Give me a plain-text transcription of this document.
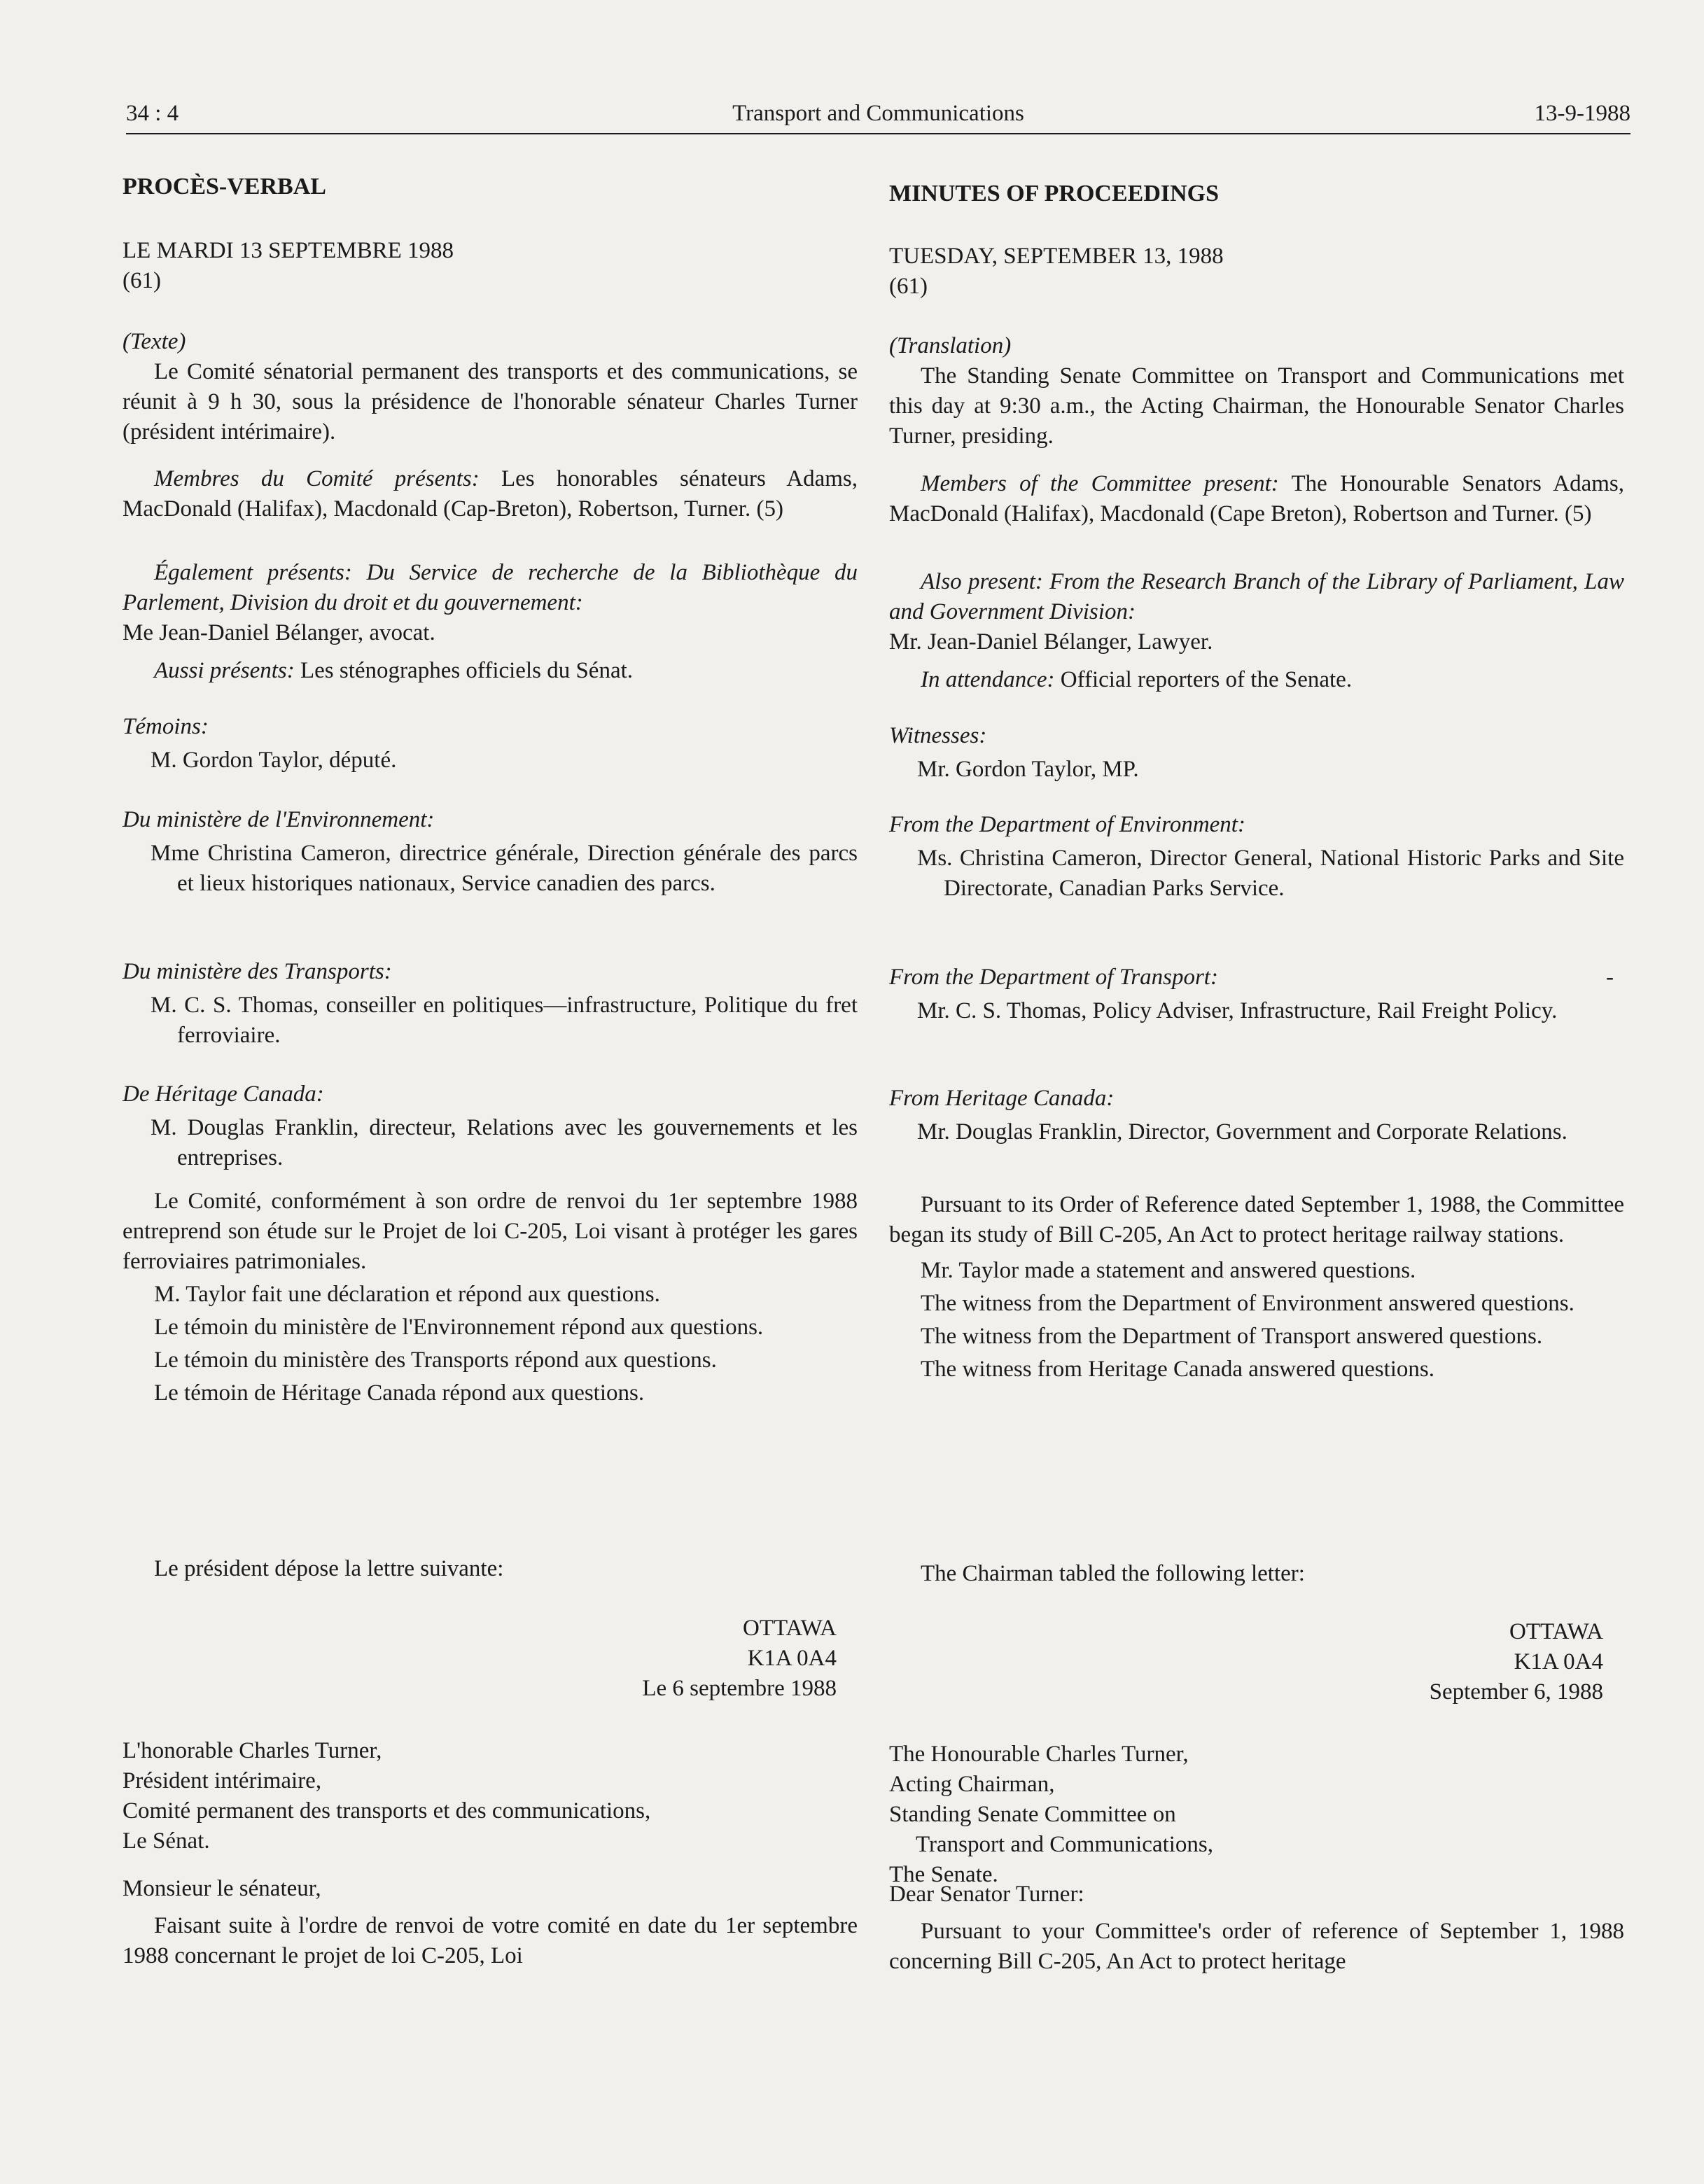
34 : 4	Transport and Communications	13-9-1988
PROCÈS-VERBAL
LE MARDI 13 SEPTEMBRE 1988
(61)
(Texte)

Le Comité sénatorial permanent des transports et des communications, se réunit à 9 h 30, sous la présidence de l'honorable sénateur Charles Turner (président intérimaire).

Membres du Comité présents: Les honorables sénateurs Adams, MacDonald (Halifax), Macdonald (Cap-Breton), Robertson, Turner. (5)

Également présents: Du Service de recherche de la Bibliothèque du Parlement, Division du droit et du gouvernement:

Me Jean-Daniel Bélanger, avocat.

Aussi présents: Les sténographes officiels du Sénat.

Témoins:
M. Gordon Taylor, député.
Du ministère de l'Environnement:
Mme Christina Cameron, directrice générale, Direction générale des parcs et lieux historiques nationaux, Service canadien des parcs.
Du ministère des Transports:
M. C. S. Thomas, conseiller en politiques—infrastructure, Politique du fret ferroviaire.
De Héritage Canada:
M. Douglas Franklin, directeur, Relations avec les gouvernements et les entreprises.

Le Comité, conformément à son ordre de renvoi du 1er septembre 1988 entreprend son étude sur le Projet de loi C-205, Loi visant à protéger les gares ferroviaires patrimoniales.

M. Taylor fait une déclaration et répond aux questions.

Le témoin du ministère de l'Environnement répond aux questions.

Le témoin du ministère des Transports répond aux questions.

Le témoin de Héritage Canada répond aux questions.

Le président dépose la lettre suivante:

OTTAWA
K1A 0A4
Le 6 septembre 1988
L'honorable Charles Turner,
Président intérimaire,
Comité permanent des transports et des communications,
Le Sénat.
Monsieur le sénateur,

Faisant suite à l'ordre de renvoi de votre comité en date du 1er septembre 1988 concernant le projet de loi C-205, Loi

MINUTES OF PROCEEDINGS
TUESDAY, SEPTEMBER 13, 1988
(61)
(Translation)

The Standing Senate Committee on Transport and Communications met this day at 9:30 a.m., the Acting Chairman, the Honourable Senator Charles Turner, presiding.

Members of the Committee present: The Honourable Senators Adams, MacDonald (Halifax), Macdonald (Cape Breton), Robertson and Turner. (5)

Also present: From the Research Branch of the Library of Parliament, Law and Government Division:

Mr. Jean-Daniel Bélanger, Lawyer.

In attendance: Official reporters of the Senate.

Witnesses:
Mr. Gordon Taylor, MP.
From the Department of Environment:
Ms. Christina Cameron, Director General, National Historic Parks and Site Directorate, Canadian Parks Service.
From the Department of Transport:	-
Mr. C. S. Thomas, Policy Adviser, Infrastructure, Rail Freight Policy.
From Heritage Canada:
Mr. Douglas Franklin, Director, Government and Corporate Relations.

Pursuant to its Order of Reference dated September 1, 1988, the Committee began its study of Bill C-205, An Act to protect heritage railway stations.

Mr. Taylor made a statement and answered questions.

The witness from the Department of Environment answered questions.

The witness from the Department of Transport answered questions.

The witness from Heritage Canada answered questions.

The Chairman tabled the following letter:

OTTAWA
K1A 0A4
September 6, 1988
The Honourable Charles Turner,
Acting Chairman,
Standing Senate Committee on
Transport and Communications,
The Senate.
Dear Senator Turner:

Pursuant to your Committee's order of reference of September 1, 1988 concerning Bill C-205, An Act to protect heritage
